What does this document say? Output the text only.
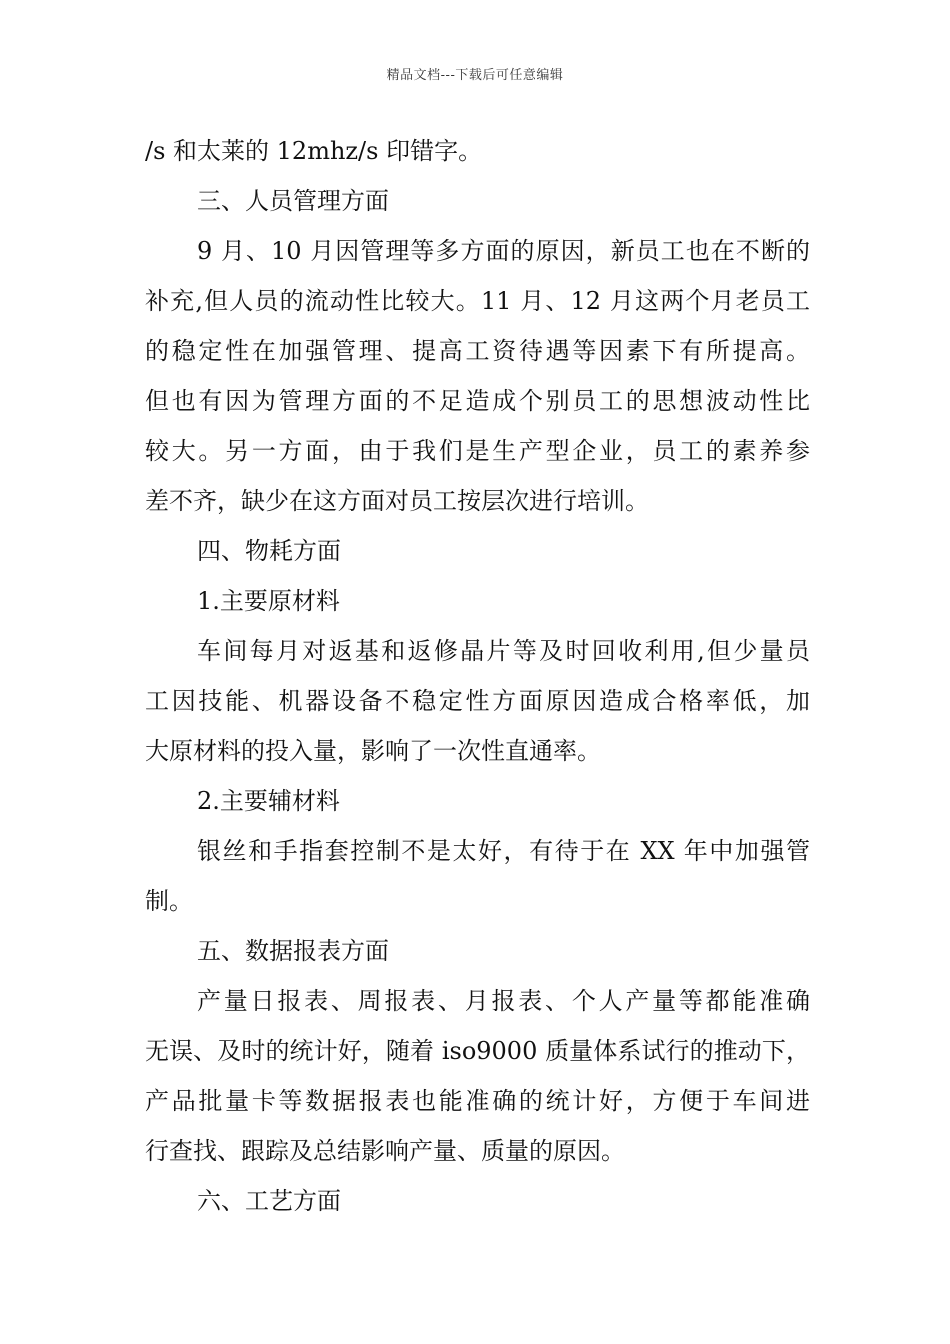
精品文档---下载后可任意编辑
/s 和太莱的 12mhz/s 印错字。
三、人员管理方面
9 月、10 月因管理等多方面的原因，新员工也在不断的
补充,但人员的流动性比较大。11 月、12 月这两个月老员工
的稳定性在加强管理、提高工资待遇等因素下有所提高。
但也有因为管理方面的不足造成个别员工的思想波动性比
较大。另一方面，由于我们是生产型企业，员工的素养参
差不齐，缺少在这方面对员工按层次进行培训。
四、物耗方面
1.主要原材料
车间每月对返基和返修晶片等及时回收利用,但少量员
工因技能、机器设备不稳定性方面原因造成合格率低，加
大原材料的投入量，影响了一次性直通率。
2.主要辅材料
银丝和手指套控制不是太好，有待于在 XX 年中加强管
制。
五、数据报表方面
产量日报表、周报表、月报表、个人产量等都能准确
无误、及时的统计好，随着 iso9000 质量体系试行的推动下，
产品批量卡等数据报表也能准确的统计好，方便于车间进
行查找、跟踪及总结影响产量、质量的原因。
六、工艺方面
